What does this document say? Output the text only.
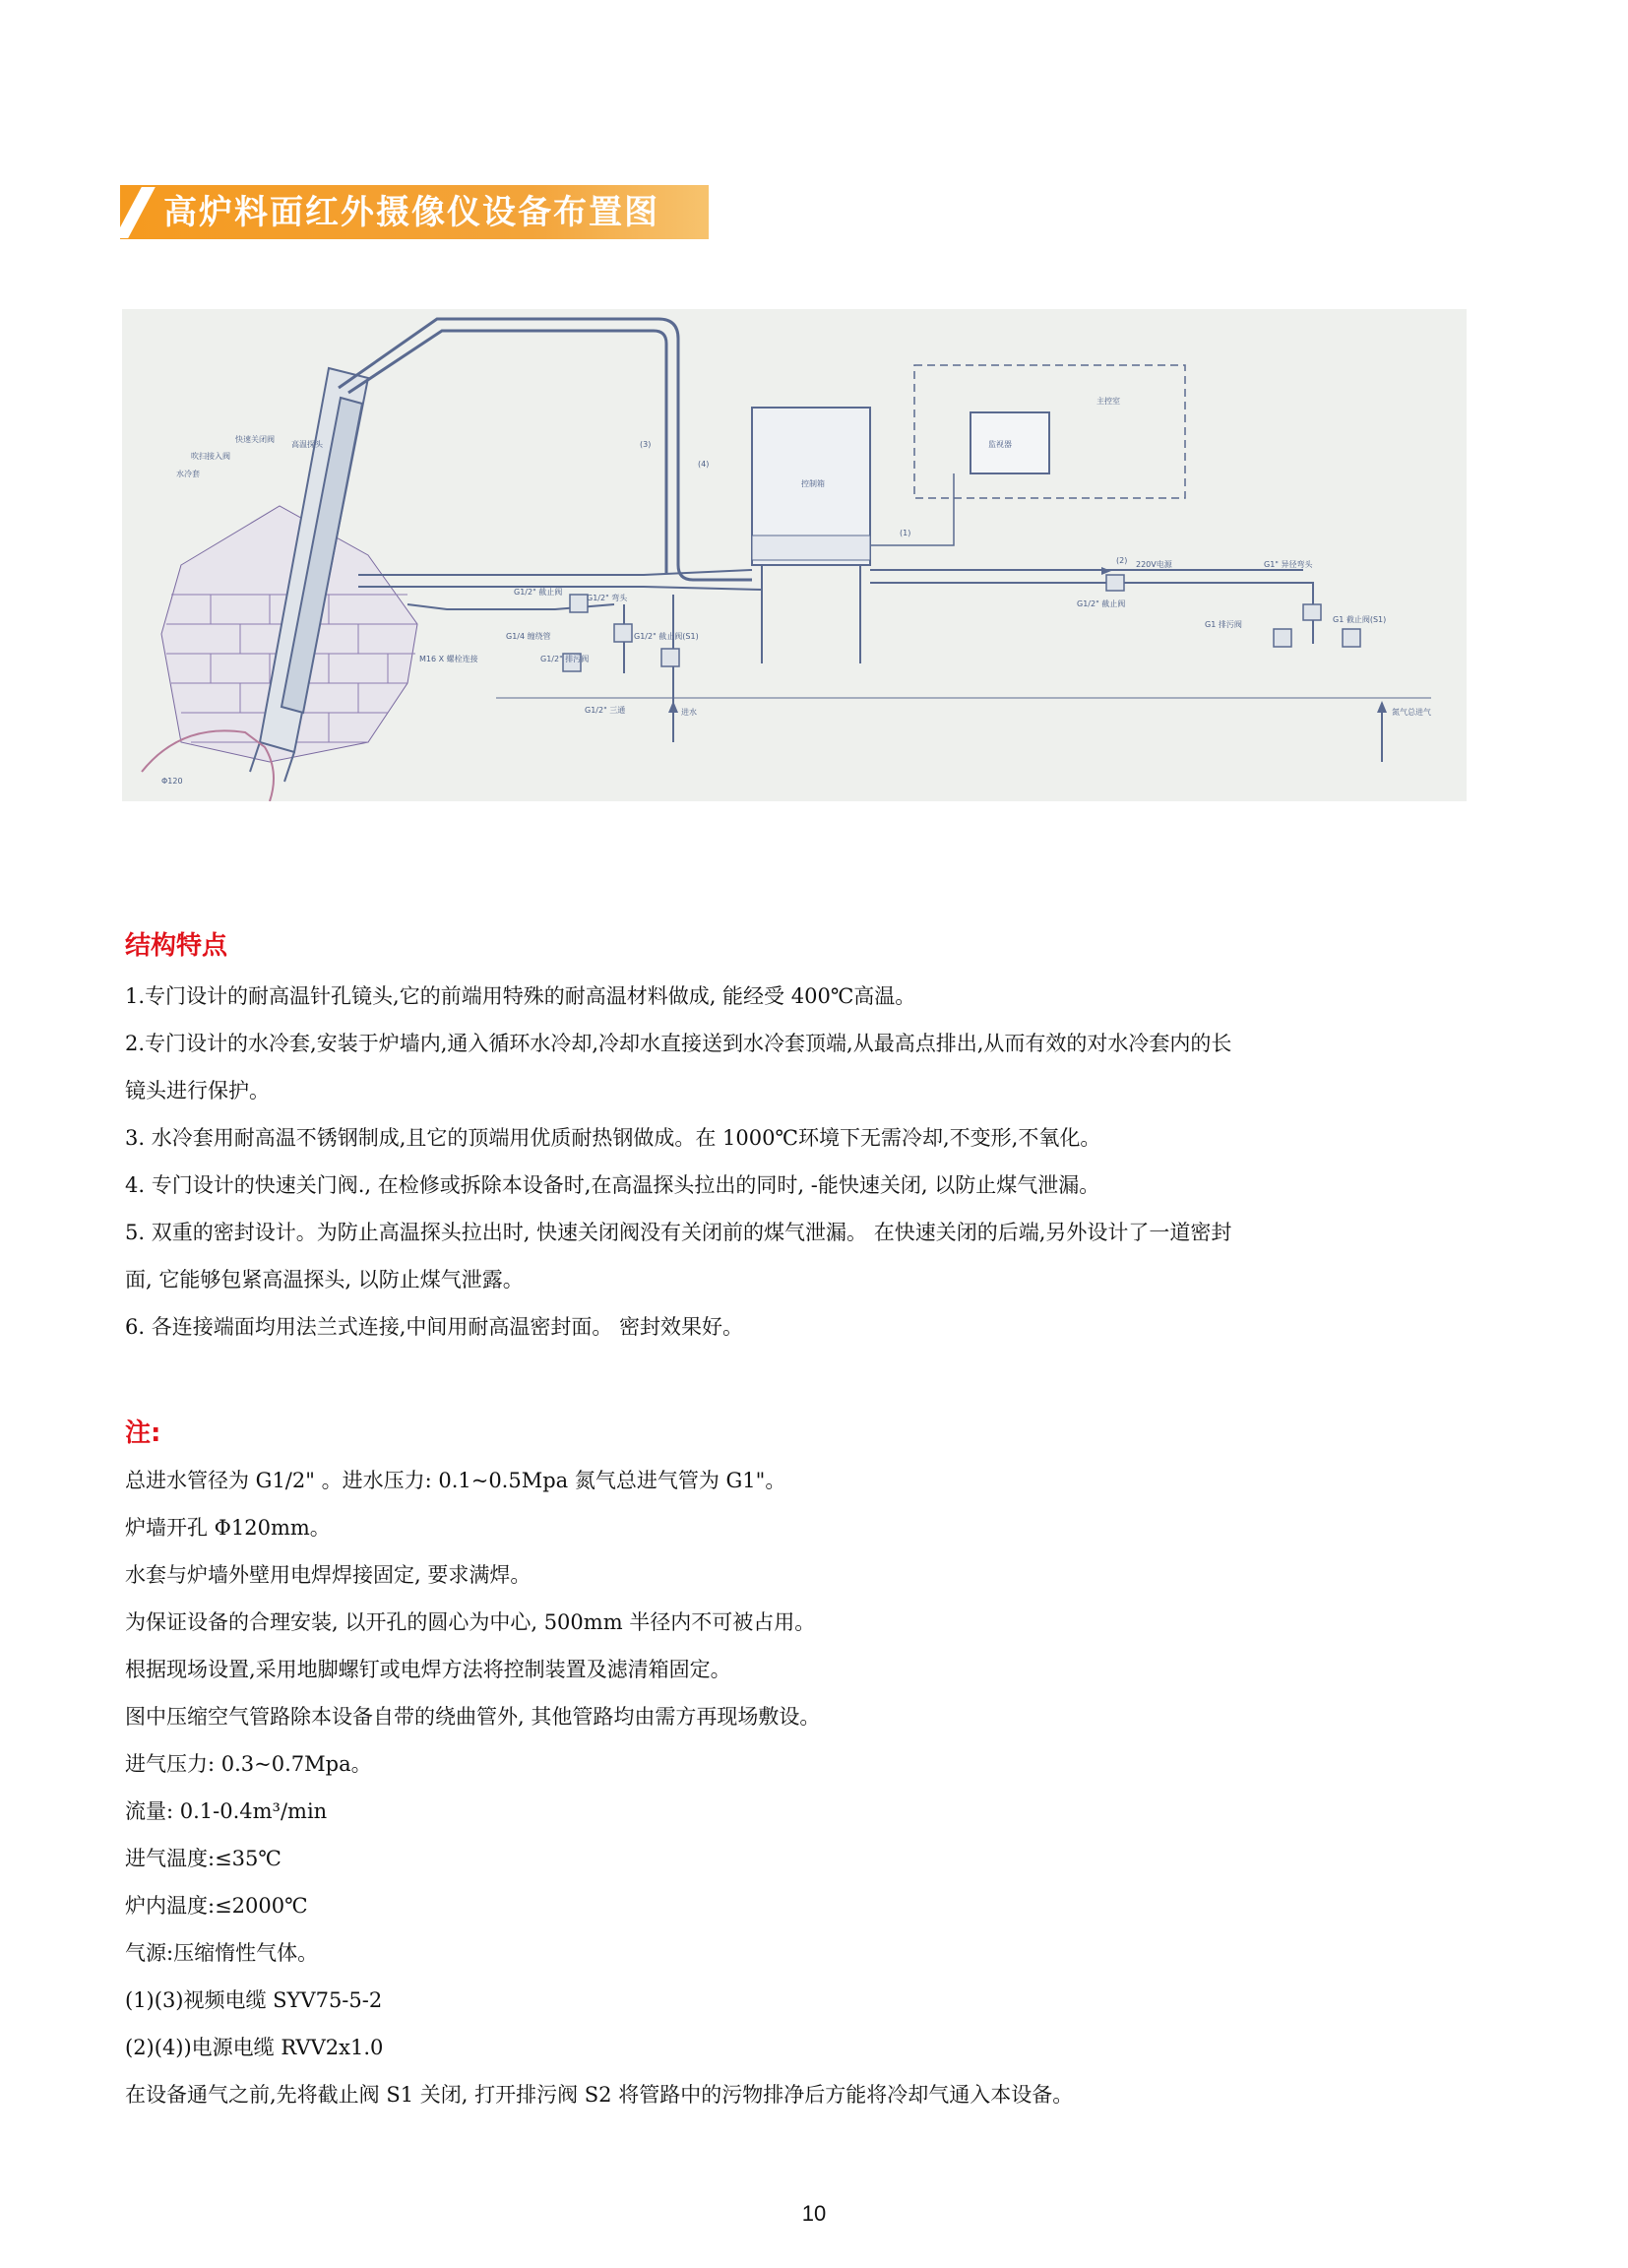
高炉料面红外摄像仪设备布置图
控制箱
主控室
监视器
快速关闭阀
高温探头
吹扫接入阀
水冷套
(3)
(4)
(1)
(2) 220V电源	G1" 异径弯头
G1/2" 截止阀
G1 排污阀
G1 截止阀(S1)
G1/2" 截止阀
G1/2" 弯头
G1/4 缠绕管	G1/2" 截止阀(S1)
M16 X 螺栓连接	G1/2" 排污阀
G1/2" 三通	进水	氮气总进气
Φ120
结构特点
1.专门设计的耐高温针孔镜头,它的前端用特殊的耐高温材料做成, 能经受 400℃高温。
2.专门设计的水冷套,安装于炉墙内,通入循环水冷却,冷却水直接送到水冷套顶端,从最高点排出,从而有效的对水冷套内的长
镜头进行保护。
3. 水冷套用耐高温不锈钢制成,且它的顶端用优质耐热钢做成。在 1000℃环境下无需冷却,不变形,不氧化。
4. 专门设计的快速关门阀., 在检修或拆除本设备时,在高温探头拉出的同时, -能快速关闭, 以防止煤气泄漏。
5. 双重的密封设计。为防止高温探头拉出时, 快速关闭阀没有关闭前的煤气泄漏。 在快速关闭的后端,另外设计了一道密封
面, 它能够包紧高温探头, 以防止煤气泄露。
6. 各连接端面均用法兰式连接,中间用耐高温密封面。 密封效果好。
注:
总进水管径为 G1/2" 。进水压力: 0.1~0.5Mpa 氮气总进气管为 G1"。
炉墙开孔 Φ120mm。
水套与炉墙外壁用电焊焊接固定, 要求满焊。
为保证设备的合理安装, 以开孔的圆心为中心, 500mm 半径内不可被占用。
根据现场设置,采用地脚螺钉或电焊方法将控制装置及滤清箱固定。
图中压缩空气管路除本设备自带的绕曲管外, 其他管路均由需方再现场敷设。
进气压力: 0.3~0.7Mpa。
流量: 0.1-0.4m³/min
进气温度:≤35℃
炉内温度:≤2000℃
气源:压缩惰性气体。
(1)(3)视频电缆 SYV75-5-2
(2)(4))电源电缆 RVV2x1.0
在设备通气之前,先将截止阀 S1 关闭, 打开排污阀 S2 将管路中的污物排净后方能将冷却气通入本设备。
10
